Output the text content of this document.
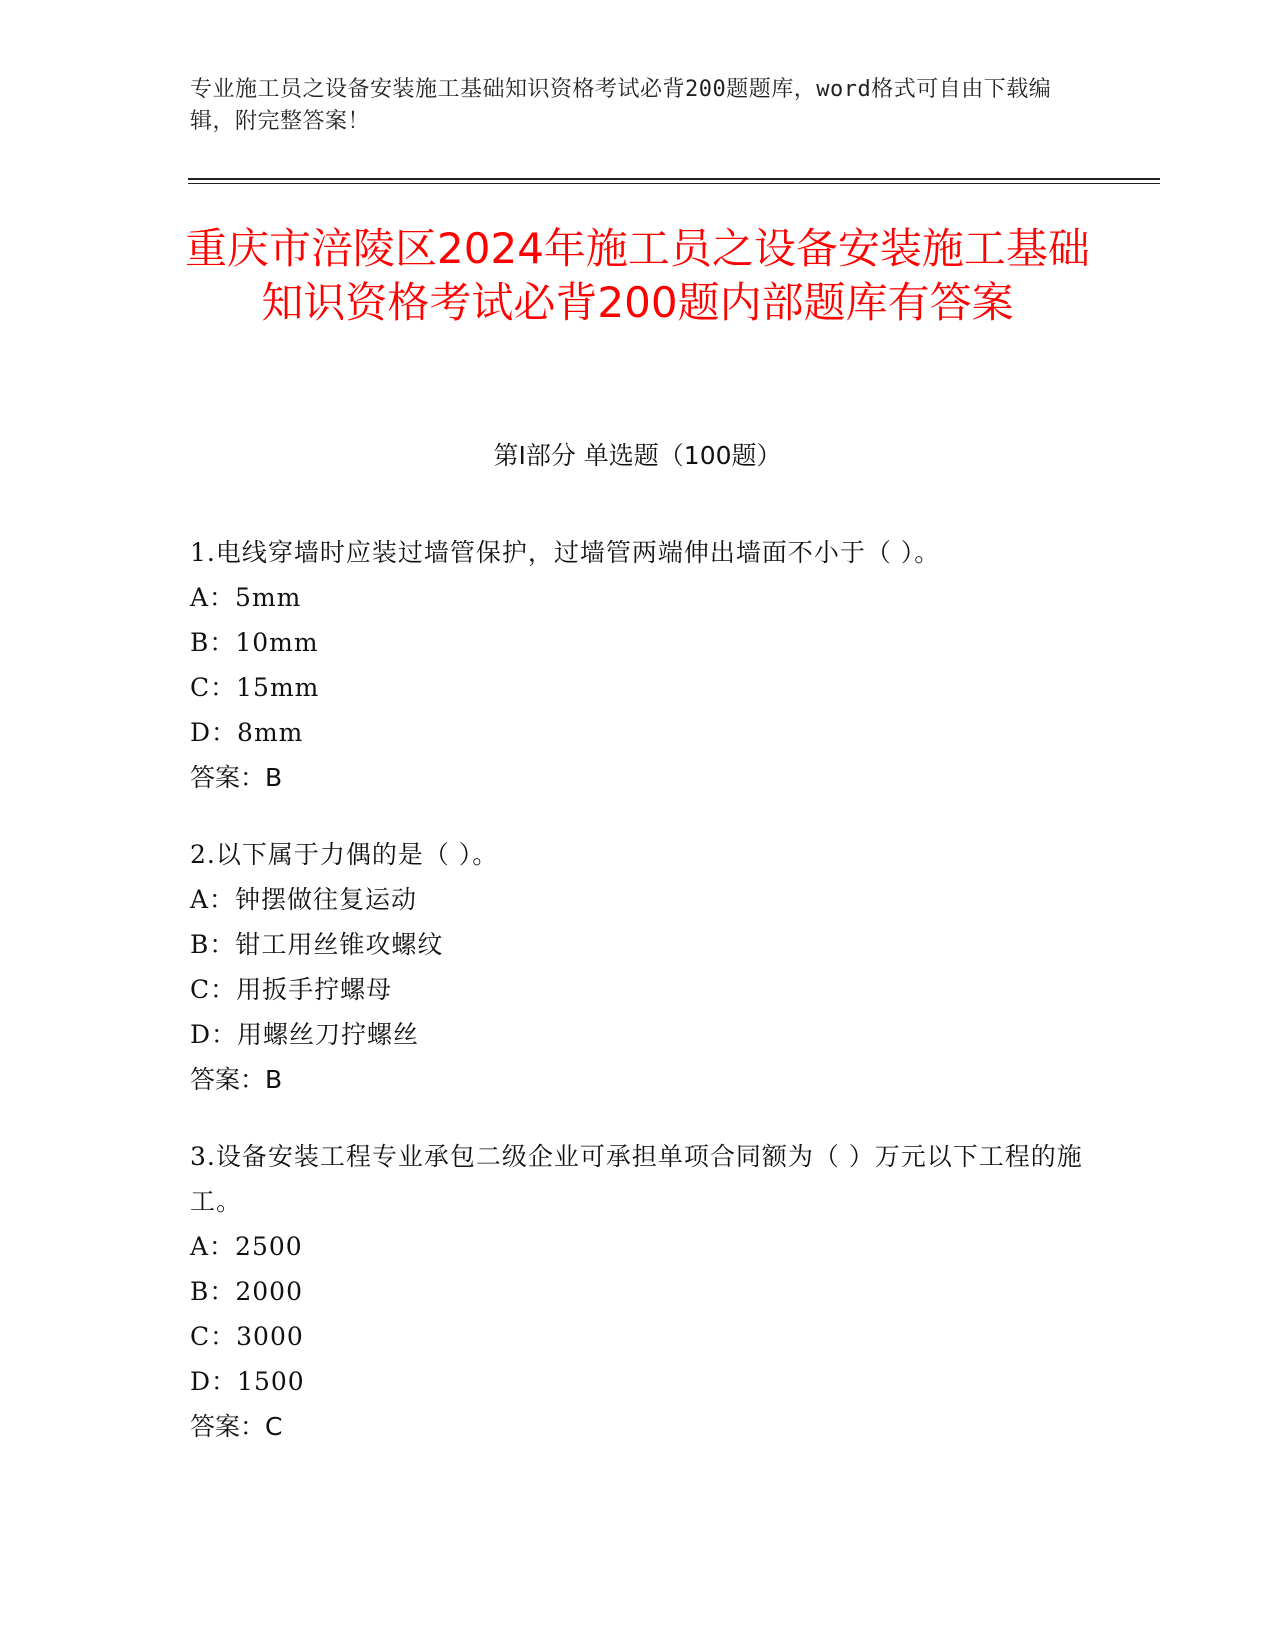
专业施工员之设备安装施工基础知识资格考试必背200题题库，word格式可自由下载编辑，附完整答案！
重庆市涪陵区2024年施工员之设备安装施工基础知识资格考试必背200题内部题库有答案
第I部分 单选题（100题）
1.电线穿墙时应装过墙管保护，过墙管两端伸出墙面不小于（ ）。
A：5mm
B：10mm
C：15mm
D：8mm
答案：B
2.以下属于力偶的是（ ）。
A：钟摆做往复运动
B：钳工用丝锥攻螺纹
C：用扳手拧螺母
D：用螺丝刀拧螺丝
答案：B
3.设备安装工程专业承包二级企业可承担单项合同额为（ ）万元以下工程的施工。
A：2500
B：2000
C：3000
D：1500
答案：C
